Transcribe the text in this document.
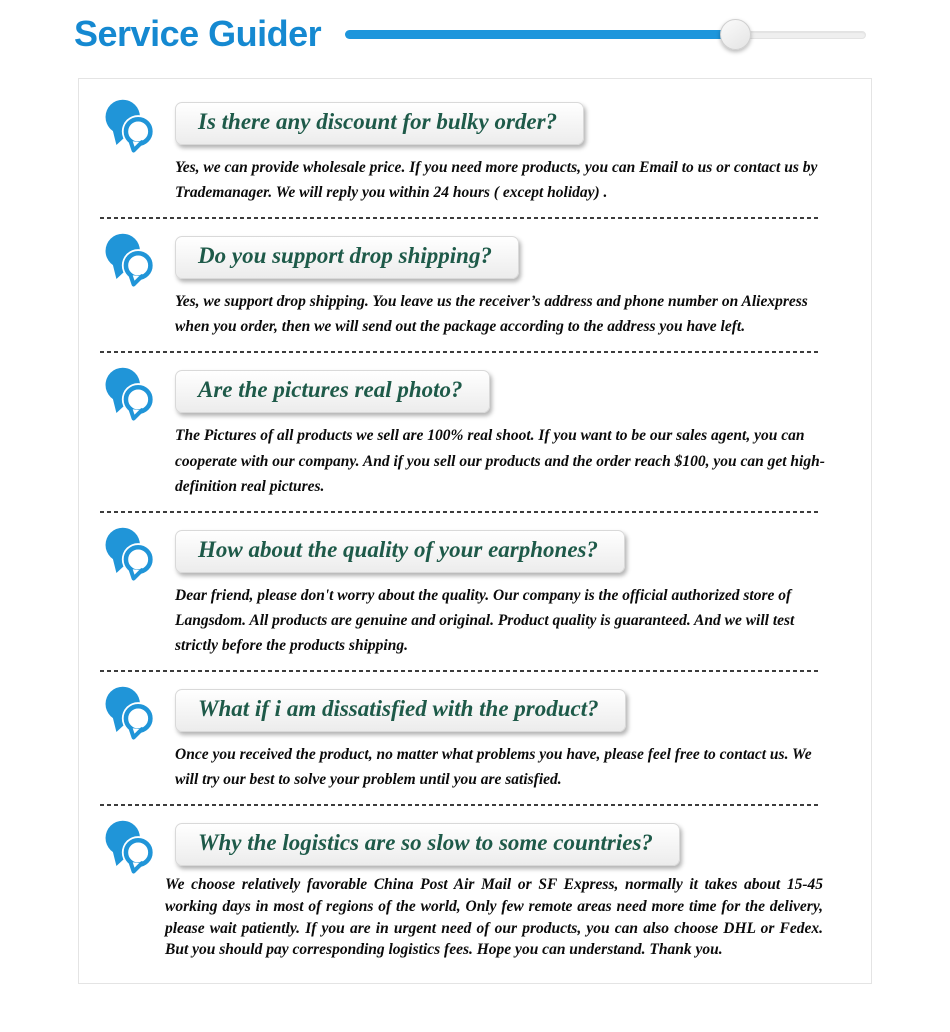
Service Guider
Is there any discount for bulky order?

Yes, we can provide wholesale price. If you need more products, you can Email to us or contact us by Trademanager. We will reply you within 24 hours ( except holiday) .

Do you support drop shipping?

Yes, we support drop shipping. You leave us the receiver’s address and phone number on Aliexpress when you order, then we will send out the package according to the address you have left.

Are the pictures real photo?

The Pictures of all products we sell are 100% real shoot. If you want to be our sales agent, you can cooperate with our company. And if you sell our products and the order reach $100, you can get high-definition real pictures.

How about the quality of your earphones?

Dear friend, please don't worry about the quality. Our company is the official authorized store of Langsdom. All products are genuine and original. Product quality is guaranteed. And we will test strictly before the products shipping.

What if i am dissatisfied with the product?

Once you received the product, no matter what problems you have, please feel free to contact us. We will try our best to solve your problem until you are satisfied.

Why the logistics are so slow to some countries?

We choose relatively favorable China Post Air Mail or SF Express, normally it takes about 15-45 working days in most of regions of the world, Only few remote areas need more time for the delivery, please wait patiently. If you are in urgent need of our products, you can also choose DHL or Fedex. But you should pay corresponding logistics fees. Hope you can understand. Thank you.
